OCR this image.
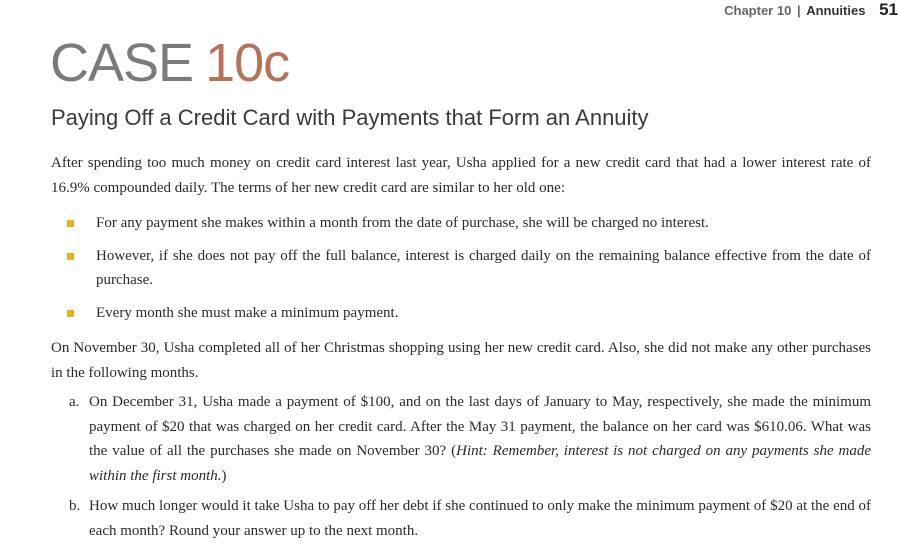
Chapter 10 | Annuities 51
CASE 10c
Paying Off a Credit Card with Payments that Form an Annuity
After spending too much money on credit card interest last year, Usha applied for a new credit card that had a lower interest rate of 16.9% compounded daily. The terms of her new credit card are similar to her old one:
For any payment she makes within a month from the date of purchase, she will be charged no interest.
However, if she does not pay off the full balance, interest is charged daily on the remaining balance effective from the date of purchase.
Every month she must make a minimum payment.
On November 30, Usha completed all of her Christmas shopping using her new credit card. Also, she did not make any other purchases in the following months.
a. On December 31, Usha made a payment of $100, and on the last days of January to May, respectively, she made the minimum payment of $20 that was charged on her credit card. After the May 31 payment, the balance on her card was $610.06. What was the value of all the purchases she made on November 30? (Hint: Remember, interest is not charged on any payments she made within the first month.)
b. How much longer would it take Usha to pay off her debt if she continued to only make the minimum payment of $20 at the end of each month? Round your answer up to the next month.
